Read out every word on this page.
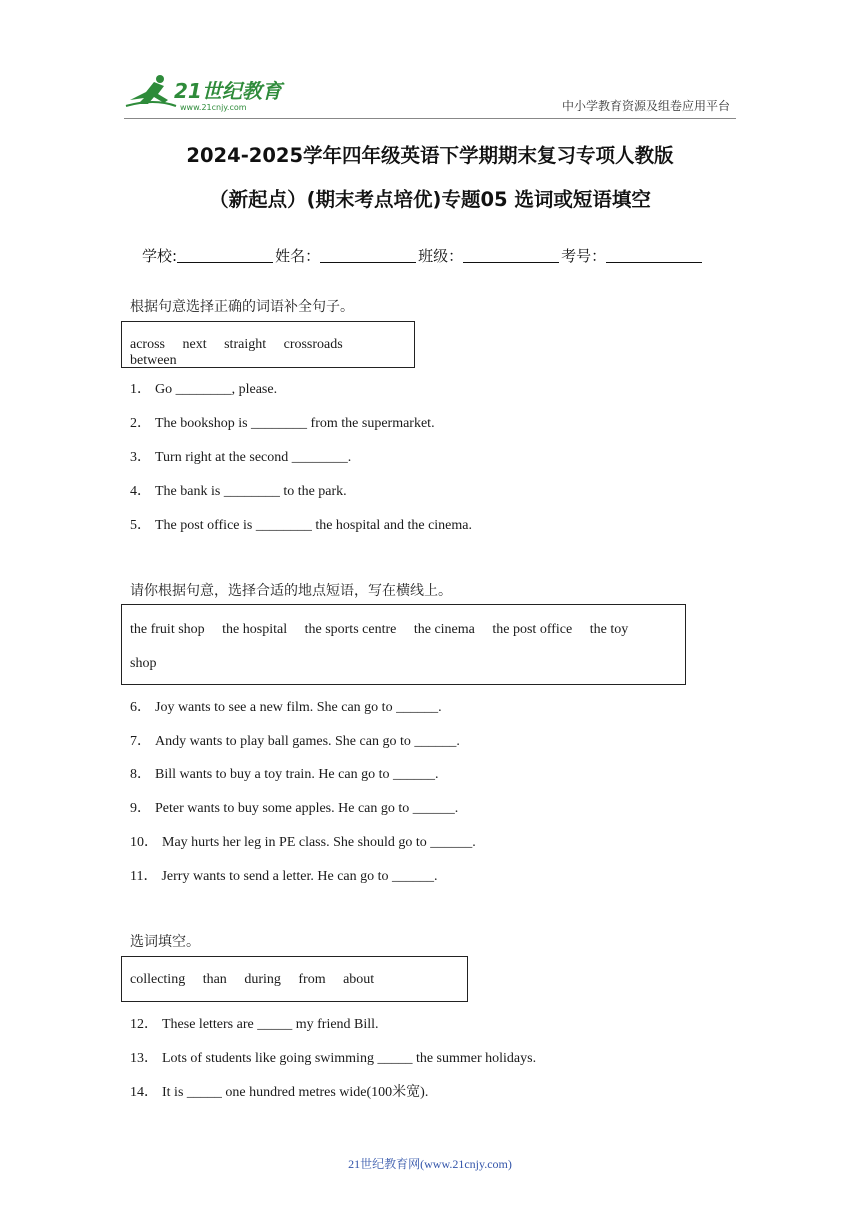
21世纪教育
www.21cnjy.com	中小学教育资源及组卷应用平台
2024-2025学年四年级英语下学期期末复习专项人教版
（新起点）(期末考点培优)专题05 选词或短语填空
学校:	姓名：	班级：	考号：
根据句意选择正确的词语补全句子。
across next straight crossroads between
1． Go ________, please.
2． The bookshop is ________ from the supermarket.
3． Turn right at the second ________.
4． The bank is ________ to the park.
5． The post office is ________ the hospital and the cinema.
请你根据句意，选择合适的地点短语，写在横线上。
the fruit shop the hospital the sports centre the cinema the post office the toy
shop
6． Joy wants to see a new film. She can go to ______.
7． Andy wants to play ball games. She can go to ______.
8． Bill wants to buy a toy train. He can go to ______.
9． Peter wants to buy some apples. He can go to ______.
10． May hurts her leg in PE class. She should go to ______.
11． Jerry wants to send a letter. He can go to ______.
选词填空。
collecting than during from about
12． These letters are _____ my friend Bill.
13． Lots of students like going swimming _____ the summer holidays.
14． It is _____ one hundred metres wide(100米宽).
21世纪教育网(www.21cnjy.com)
